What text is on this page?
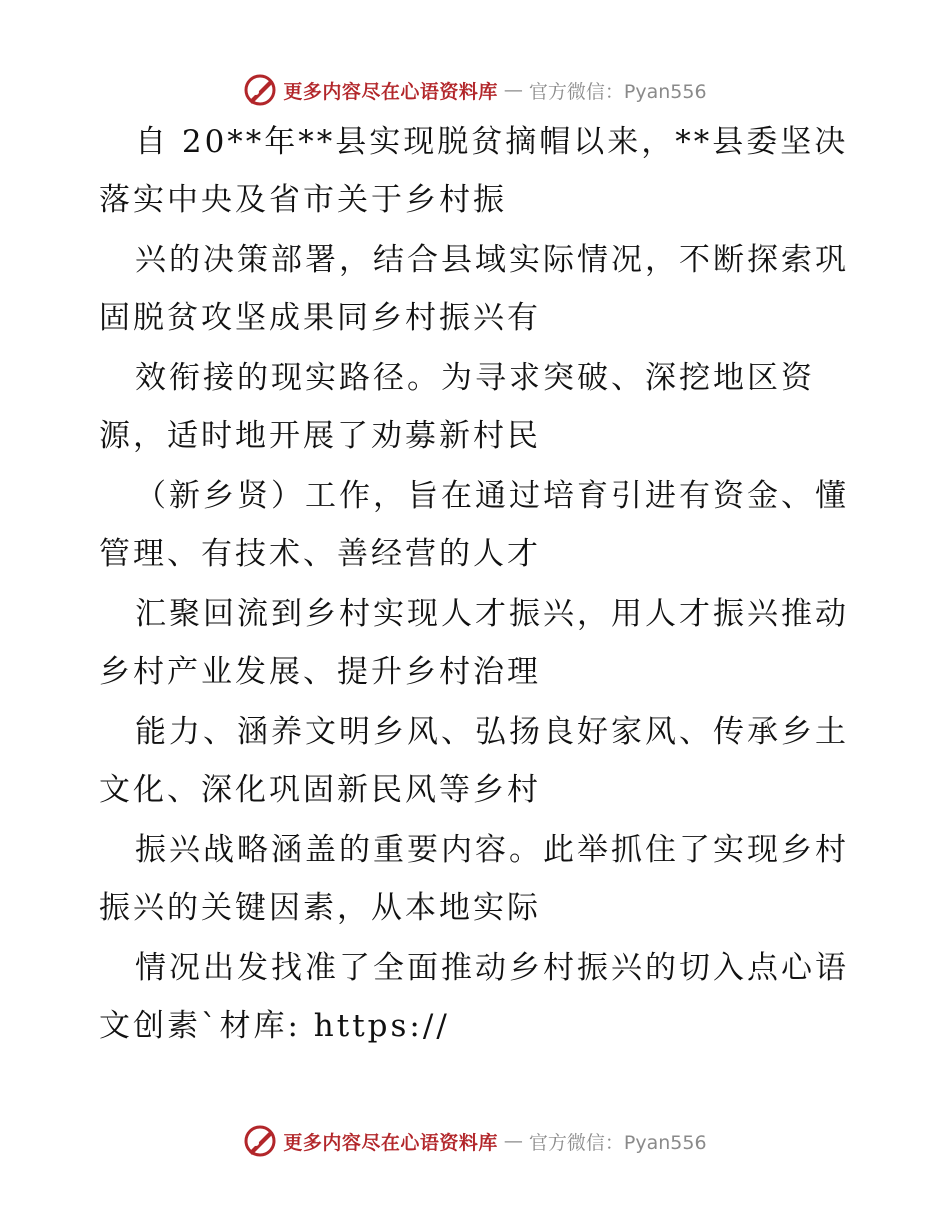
更多内容尽在心语资料库 — 官方微信：Pyan556
自 20**年**县实现脱贫摘帽以来，**县委坚决
落实中央及省市关于乡村振
兴的决策部署，结合县域实际情况，不断探索巩
固脱贫攻坚成果同乡村振兴有
效衔接的现实路径。为寻求突破、深挖地区资
源，适时地开展了劝募新村民
（新乡贤）工作，旨在通过培育引进有资金、懂
管理、有技术、善经营的人才
汇聚回流到乡村实现人才振兴，用人才振兴推动
乡村产业发展、提升乡村治理
能力、涵养文明乡风、弘扬良好家风、传承乡土
文化、深化巩固新民风等乡村
振兴战略涵盖的重要内容。此举抓住了实现乡村
振兴的关键因素，从本地实际
情况出发找准了全面推动乡村振兴的切入点心语
文创素`材库: https://
更多内容尽在心语资料库 — 官方微信：Pyan556
